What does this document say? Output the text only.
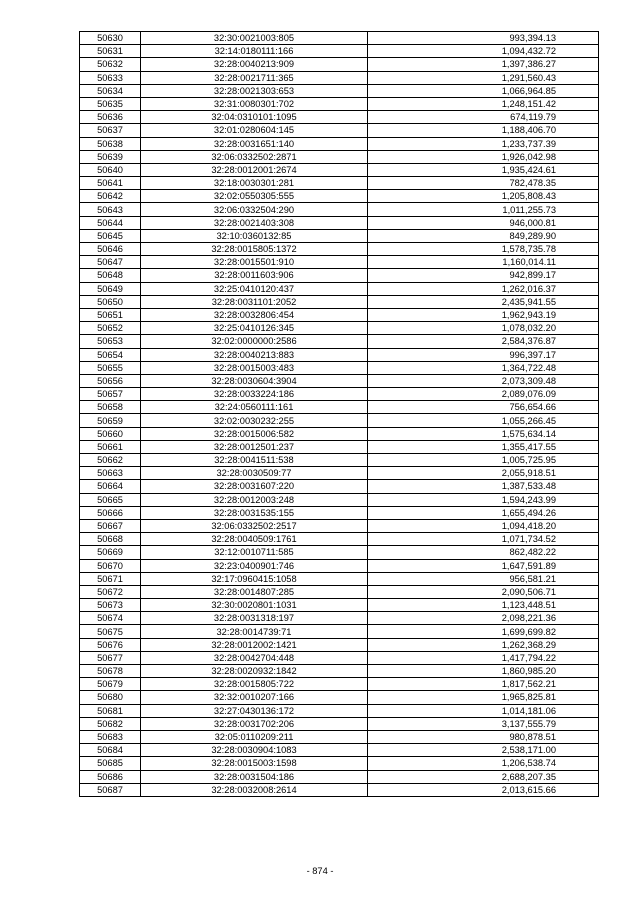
50630	32:30:0021003:805	993,394.13
50631	32:14:0180111:166	1,094,432.72
50632	32:28:0040213:909	1,397,386.27
50633	32:28:0021711:365	1,291,560.43
50634	32:28:0021303:653	1,066,964.85
50635	32:31:0080301:702	1,248,151.42
50636	32:04:0310101:1095	674,119.79
50637	32:01:0280604:145	1,188,406.70
50638	32:28:0031651:140	1,233,737.39
50639	32:06:0332502:2871	1,926,042.98
50640	32:28:0012001:2674	1,935,424.61
50641	32:18:0030301:281	782,478.35
50642	32:02:0550305:555	1,205,808.43
50643	32:06:0332504:290	1,011,255.73
50644	32:28:0021403:308	946,000.81
50645	32:10:0360132:85	849,289.90
50646	32:28:0015805:1372	1,578,735.78
50647	32:28:0015501:910	1,160,014.11
50648	32:28:0011603:906	942,899.17
50649	32:25:0410120:437	1,262,016.37
50650	32:28:0031101:2052	2,435,941.55
50651	32:28:0032806:454	1,962,943.19
50652	32:25:0410126:345	1,078,032.20
50653	32:02:0000000:2586	2,584,376.87
50654	32:28:0040213:883	996,397.17
50655	32:28:0015003:483	1,364,722.48
50656	32:28:0030604:3904	2,073,309.48
50657	32:28:0033224:186	2,089,076.09
50658	32:24:0560111:161	756,654.66
50659	32:02:0030232:255	1,055,266.45
50660	32:28:0015006:582	1,575,634.14
50661	32:28:0012501:237	1,355,417.55
50662	32:28:0041511:538	1,005,725.95
50663	32:28:0030509:77	2,055,918.51
50664	32:28:0031607:220	1,387,533.48
50665	32:28:0012003:248	1,594,243.99
50666	32:28:0031535:155	1,655,494.26
50667	32:06:0332502:2517	1,094,418.20
50668	32:28:0040509:1761	1,071,734.52
50669	32:12:0010711:585	862,482.22
50670	32:23:0400901:746	1,647,591.89
50671	32:17:0960415:1058	956,581.21
50672	32:28:0014807:285	2,090,506.71
50673	32:30:0020801:1031	1,123,448.51
50674	32:28:0031318:197	2,098,221.36
50675	32:28:0014739:71	1,699,699.82
50676	32:28:0012002:1421	1,262,368.29
50677	32:28:0042704:448	1,417,794.22
50678	32:28:0020932:1842	1,860,985.20
50679	32:28:0015805:722	1,817,562.21
50680	32:32:0010207:166	1,965,825.81
50681	32:27:0430136:172	1,014,181.06
50682	32:28:0031702:206	3,137,555.79
50683	32:05:0110209:211	980,878.51
50684	32:28:0030904:1083	2,538,171.00
50685	32:28:0015003:1598	1,206,538.74
50686	32:28:0031504:186	2,688,207.35
50687	32:28:0032008:2614	2,013,615.66
- 874 -
